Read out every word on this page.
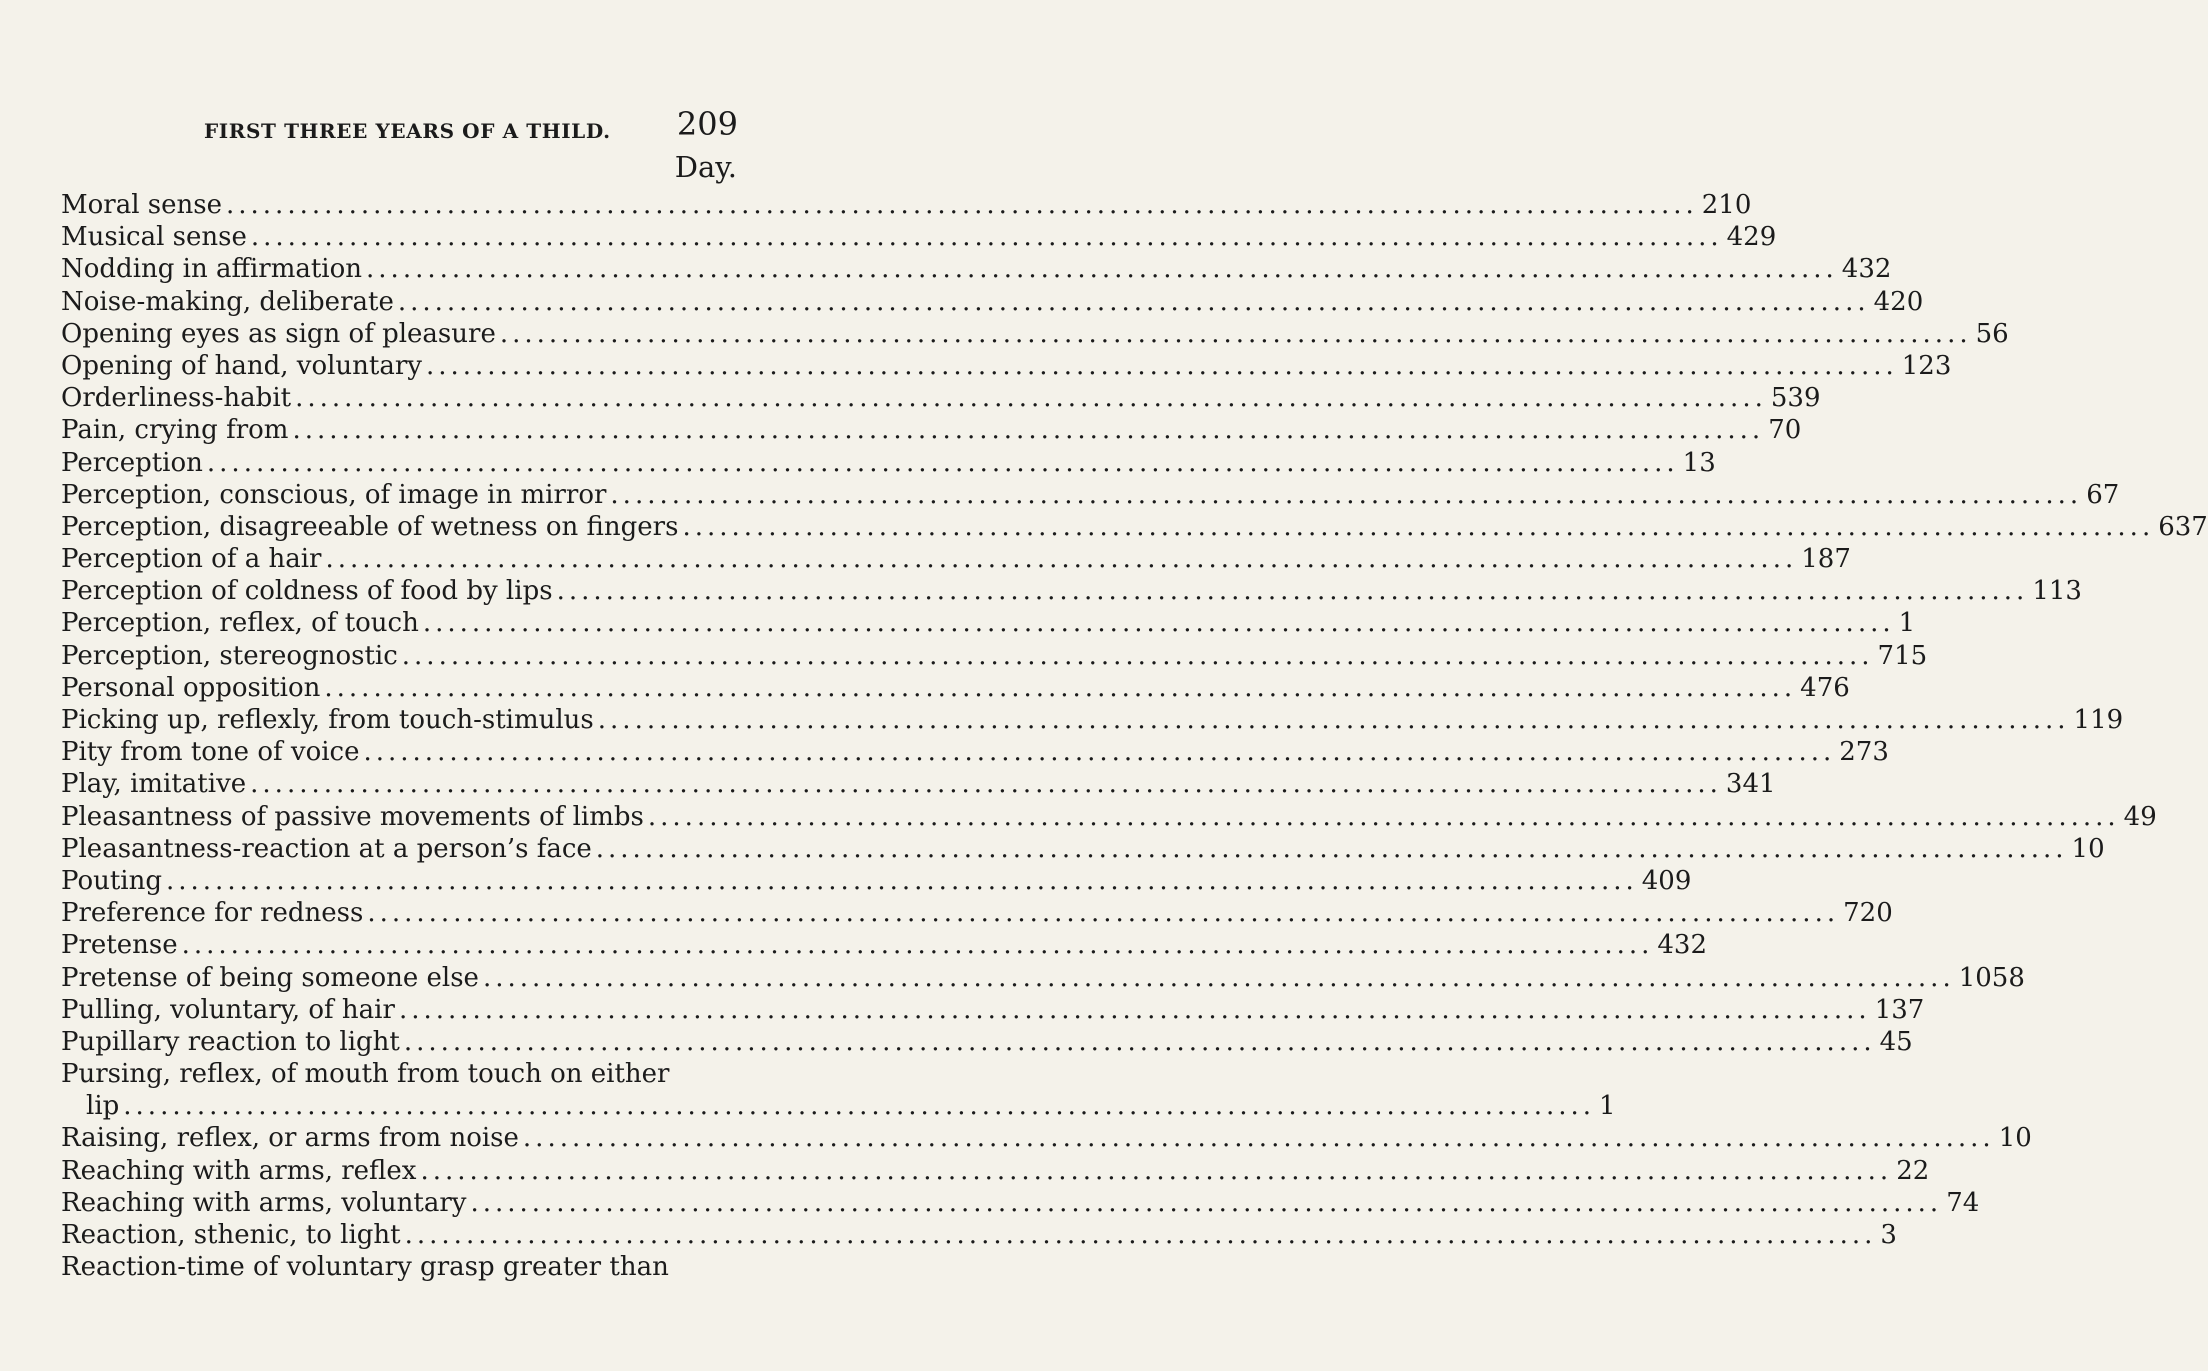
FIRST THREE YEARS OF A THILD. 209
Day.
Moral sense ........................................................................................................................ 210
Musical sense ........................................................................................................................ 429
Nodding in affirmation ........................................................................................................................ 432
Noise-making, deliberate ........................................................................................................................ 420
Opening eyes as sign of pleasure ........................................................................................................................ 56
Opening of hand, voluntary ........................................................................................................................ 123
Orderliness-habit ........................................................................................................................ 539
Pain, crying from ........................................................................................................................ 70
Perception ........................................................................................................................ 13
Perception, conscious, of image in mirror ........................................................................................................................ 67
Perception, disagreeable of wetness on fingers ........................................................................................................................ 637
Perception of a hair ........................................................................................................................ 187
Perception of coldness of food by lips ........................................................................................................................ 113
Perception, reflex, of touch ........................................................................................................................ 1
Perception, stereognostic ........................................................................................................................ 715
Personal opposition ........................................................................................................................ 476
Picking up, reflexly, from touch-stimulus ........................................................................................................................ 119
Pity from tone of voice ........................................................................................................................ 273
Play, imitative ........................................................................................................................ 341
Pleasantness of passive movements of limbs ........................................................................................................................ 49
Pleasantness-reaction at a person’s face ........................................................................................................................ 10
Pouting ........................................................................................................................ 409
Preference for redness ........................................................................................................................ 720
Pretense ........................................................................................................................ 432
Pretense of being someone else ........................................................................................................................ 1058
Pulling, voluntary, of hair ........................................................................................................................ 137
Pupillary reaction to light ........................................................................................................................ 45
Pursing, reflex, of mouth from touch on either
lip ........................................................................................................................ 1
Raising, reflex, or arms from noise ........................................................................................................................ 10
Reaching with arms, reflex ........................................................................................................................ 22
Reaching with arms, voluntary ........................................................................................................................ 74
Reaction, sthenic, to light ........................................................................................................................ 3
Reaction-time of voluntary grasp greater than
